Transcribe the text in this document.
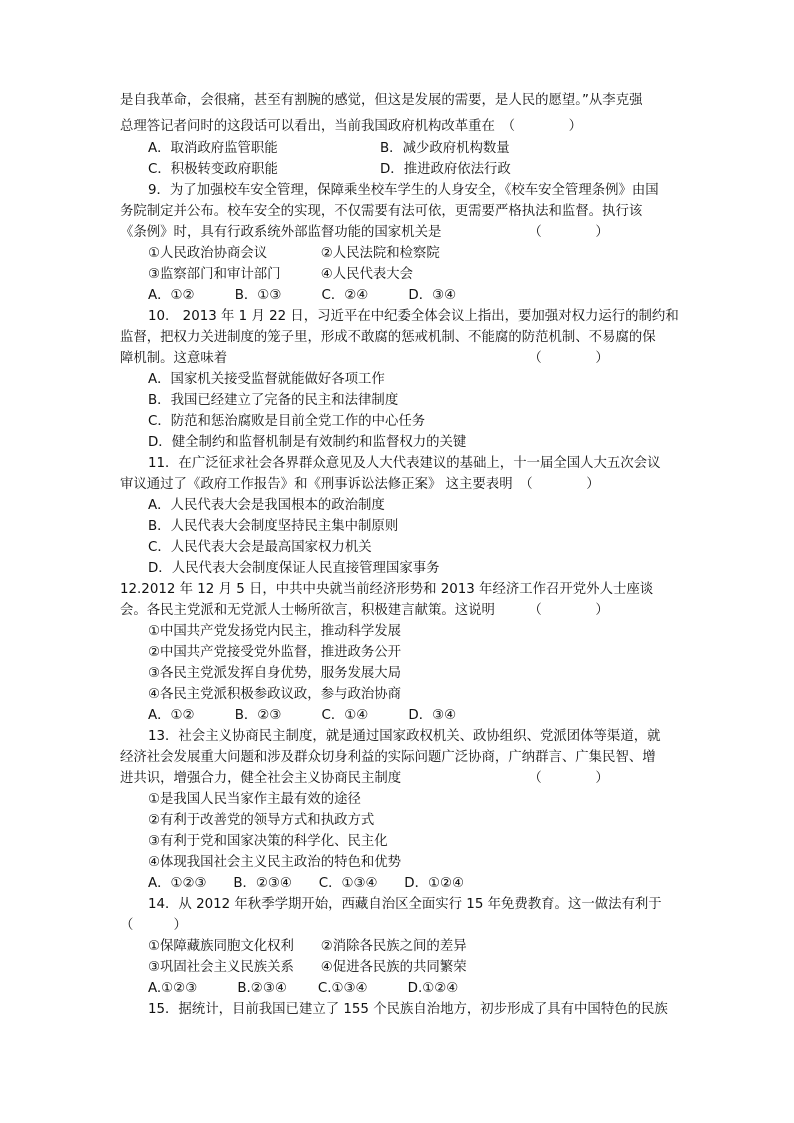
是自我革命，会很痛，甚至有割腕的感觉，但这是发展的需要，是人民的愿望。”从李克强
总理答记者问时的这段话可以看出，当前我国政府机构改革重在　（　　　　）
A．取消政府监管职能	B．减少政府机构数量
C．积极转变政府职能	D．推进政府依法行政
9．为了加强校车安全管理，保障乘坐校车学生的人身安全，《校车安全管理条例》由国
务院制定并公布。校车安全的实现，不仅需要有法可依，更需要严格执法和监督。执行该
《条例》时，具有行政系统外部监督功能的国家机关是　　　　　　　（　　　　）
①人民政治协商会议　　　　②人民法院和检察院
③监察部门和审计部门　　　④人民代表大会
A．①②　　　B．①③　　　C．②④　　　D．③④
10.　2013 年 1 月 22 日，习近平在中纪委全体会议上指出，要加强对权力运行的制约和
监督，把权力关进制度的笼子里，形成不敢腐的惩戒机制、不能腐的防范机制、不易腐的保
障机制。这意味着　　　　　　　　　　　　　　　　　　　　　　　（　　　　）
A．国家机关接受监督就能做好各项工作
B．我国已经建立了完备的民主和法律制度
C．防范和惩治腐败是目前全党工作的中心任务
D．健全制约和监督机制是有效制约和监督权力的关键
11．在广泛征求社会各界群众意见及人大代表建议的基础上，十一届全国人大五次会议
审议通过了《政府工作报告》和《刑事诉讼法修正案》 这主要表明　（　　　　）
A．人民代表大会是我国根本的政治制度
B．人民代表大会制度坚持民主集中制原则
C．人民代表大会是最高国家权力机关
D．人民代表大会制度保证人民直接管理国家事务
12.2012 年 12 月 5 日，中共中央就当前经济形势和 2013 年经济工作召开党外人士座谈
会。各民主党派和无党派人士畅所欲言，积极建言献策。这说明　　　（　　　　）
①中国共产党发扬党内民主，推动科学发展
②中国共产党接受党外监督，推进政务公开
③各民主党派发挥自身优势，服务发展大局
④各民主党派积极参政议政，参与政治协商
A．①②　　　B．②③　　　C．①④　　　D．③④
13．社会主义协商民主制度，就是通过国家政权机关、政协组织、党派团体等渠道，就
经济社会发展重大问题和涉及群众切身利益的实际问题广泛协商，广纳群言、广集民智、增
进共识，增强合力，健全社会主义协商民主制度　　　　　　　　　　（　　　　）
①是我国人民当家作主最有效的途径
②有利于改善党的领导方式和执政方式
③有利于党和国家决策的科学化、民主化
④体现我国社会主义民主政治的特色和优势
A．①②③　　B．②③④　　C．①③④　　D．①②④
14．从 2012 年秋季学期开始，西藏自治区全面实行 15 年免费教育。这一做法有利于
（　　　）
①保障藏族同胞文化权利　　②消除各民族之间的差异
③巩固社会主义民族关系　　④促进各民族的共同繁荣
A.①②③　　　B.②③④　　 C.①③④　　　D.①②④
15．据统计，目前我国已建立了 155 个民族自治地方，初步形成了具有中国特色的民族
